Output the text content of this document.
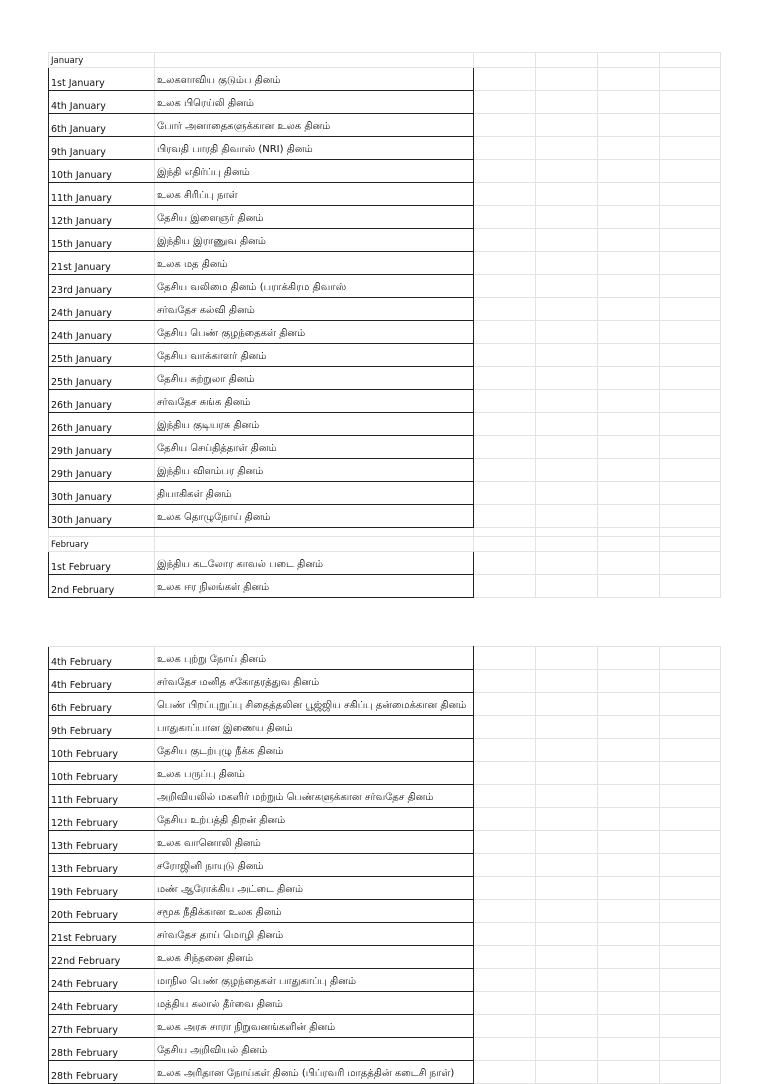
January					
1st January	உலகளாவிய குடும்ப தினம்				

4th January	உலக பிரெய்லி தினம்				

6th January	போர் அனாதைகளுக்கான உலக தினம்				

9th January	பிரவதி பாரதி திவாஸ் (NRI) தினம்				

10th January	இந்தி எதிர்ப்பு தினம்				

11th January	உலக சிரிப்பு நாள்				

12th January	தேசிய இளைஞர் தினம்				

15th January	இந்திய இராணுவ தினம்				

21st January	உலக மத தினம்				

23rd January	தேசிய வலிமை தினம் (பராக்கிரம திவாஸ்				

24th January	சர்வதேச கல்வி தினம்				

24th January	தேசிய பெண் குழந்தைகள் தினம்				

25th January	தேசிய வாக்காளர் தினம்				

25th January	தேசிய சுற்றுலா தினம்				

26th January	சர்வதேச சுங்க தினம்				

26th January	இந்திய குடியரசு தினம்				

29th January	தேசிய செய்தித்தாள் தினம்				

29th January	இந்திய விளம்பர தினம்				

30th January	தியாகிகள் தினம்				

30th January	உலக தொழுநோய் தினம்				

February					
1st February	இந்திய கடலோர காவல் படை தினம்				

2nd February	உலக ஈர நிலங்கள் தினம்				

4th February	உலக புற்று நோய் தினம்				

4th February	சர்வதேச மனித சகோதரத்துவ தினம்				

6th February	பெண் பிறப்புறுப்பு சிதைத்தலின பூஜ்ஜிய சகிப்பு தன்மைக்கான தினம்				

9th February	பாதுகாப்பான இணைய தினம்				

10th February	தேசிய குடற்புழு நீக்க தினம்				

10th February	உலக பருப்பு தினம்				

11th February	அறிவியலில் மகளிர் மற்றும் பெண்களுக்கான சர்வதேச தினம்				

12th February	தேசிய உற்பத்தி திறன் தினம்				

13th February	உலக வானொலி தினம்				

13th February	சரோஜினி நாயுடு தினம்				

19th February	மண் ஆரோக்கிய அட்டை தினம்				

20th February	சமூக நீதிக்கான உலக தினம்				

21st February	சர்வதேச தாய் மொழி தினம்				

22nd February	உலக சிந்தனை தினம்				

24th February	மாநில பெண் குழந்தைகள் பாதுகாப்பு தினம்				

24th February	மத்திய கலால் தீர்வை தினம்				

27th February	உலக அரசு சாரா நிறுவனங்களின் தினம்				

28th February	தேசிய அறிவியல் தினம்				

28th February	உலக அரிதான நோய்கள் தினம் (பிப்ரவரி மாதத்தின் கடைசி நாள்)				
